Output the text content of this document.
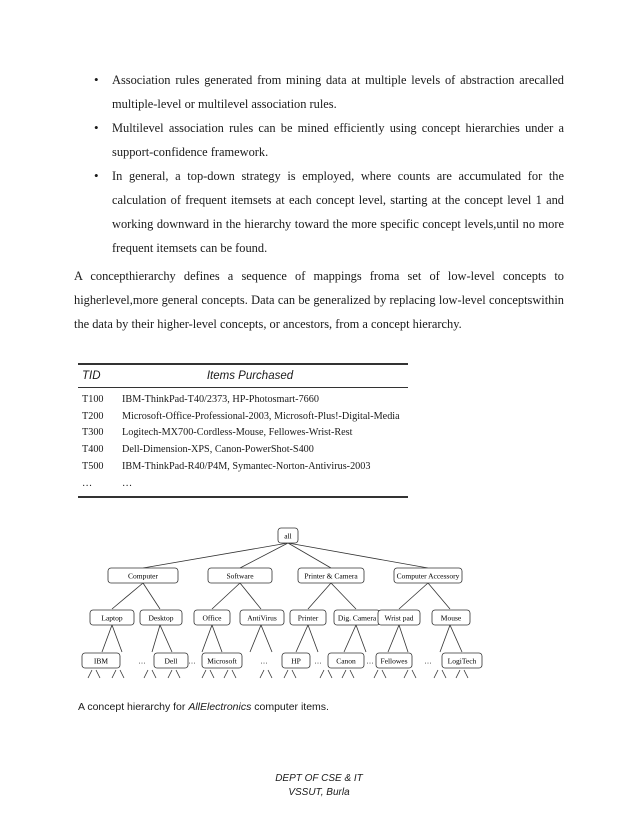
• Association rules generated from mining data at multiple levels of abstraction arecalled multiple-level or multilevel association rules.
• Multilevel association rules can be mined efficiently using concept hierarchies under a support-confidence framework.
• In general, a top-down strategy is employed, where counts are accumulated for the calculation of frequent itemsets at each concept level, starting at the concept level 1 and working downward in the hierarchy toward the more specific concept levels,until no more frequent itemsets can be found.

A concepthierarchy defines a sequence of mappings froma set of low-level concepts to higherlevel,more general concepts. Data can be generalized by replacing low-level conceptswithin the data by their higher-level concepts, or ancestors, from a concept hierarchy.

TID	Items Purchased
T100	IBM-ThinkPad-T40/2373, HP-Photosmart-7660
T200	Microsoft-Office-Professional-2003, Microsoft-Plus!-Digital-Media
T300	Logitech-MX700-Cordless-Mouse, Fellowes-Wrist-Rest
T400	Dell-Dimension-XPS, Canon-PowerShot-S400
T500	IBM-ThinkPad-R40/P4M, Symantec-Norton-Antivirus-2003
…	…
all
Computer	Software	Printer & Camera	Computer Accessory
Laptop	Desktop	Office	AntiVirus	Printer	Dig. Camera Wrist pad	Mouse
IBM	…	Dell … Microsoft	…	HP … Canon … Fellowes … LogiTech
A concept hierarchy for AllElectronics computer items.
DEPT OF CSE & IT
VSSUT, Burla
